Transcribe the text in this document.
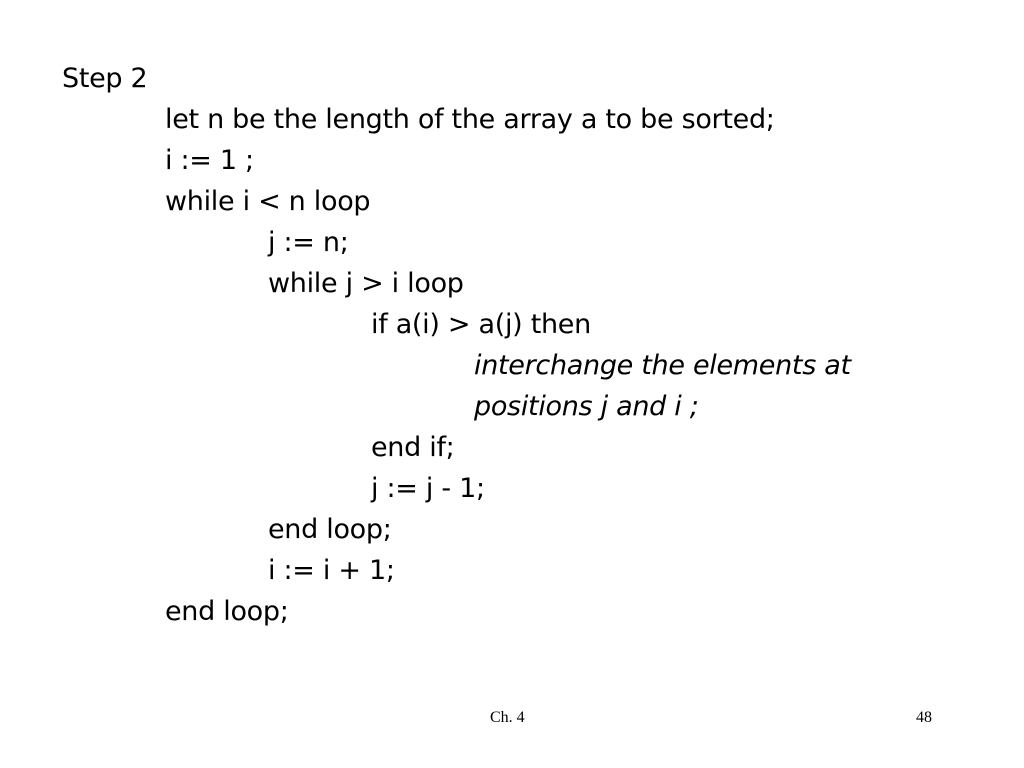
Step 2
let n be the length of the array a to be sorted;
i := 1 ;
while i < n loop
j := n;
while j > i loop
if a(i) > a(j) then
interchange the elements at
positions j and i ;
end if;
j := j - 1;
end loop;
i := i + 1;
end loop;
Ch. 4	48
